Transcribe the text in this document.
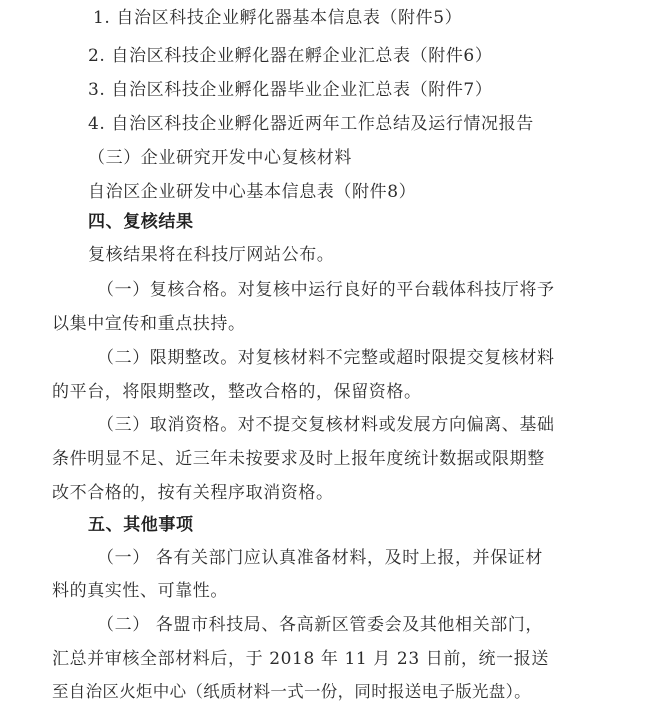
1. 自治区科技企业孵化器基本信息表（附件5）
2. 自治区科技企业孵化器在孵企业汇总表（附件6）
3. 自治区科技企业孵化器毕业企业汇总表（附件7）
4. 自治区科技企业孵化器近两年工作总结及运行情况报告
（三）企业研究开发中心复核材料
自治区企业研发中心基本信息表（附件8）
四、复核结果
复核结果将在科技厅网站公布。
（一）复核合格。对复核中运行良好的平台载体科技厅将予
以集中宣传和重点扶持。
（二）限期整改。对复核材料不完整或超时限提交复核材料
的平台，将限期整改，整改合格的，保留资格。
（三）取消资格。对不提交复核材料或发展方向偏离、基础
条件明显不足、近三年未按要求及时上报年度统计数据或限期整
改不合格的，按有关程序取消资格。
五、其他事项
（一） 各有关部门应认真准备材料，及时上报，并保证材
料的真实性、可靠性。
（二） 各盟市科技局、各高新区管委会及其他相关部门，
汇总并审核全部材料后，于 2018 年 11 月 23 日前，统一报送
至自治区火炬中心（纸质材料一式一份，同时报送电子版光盘）。
